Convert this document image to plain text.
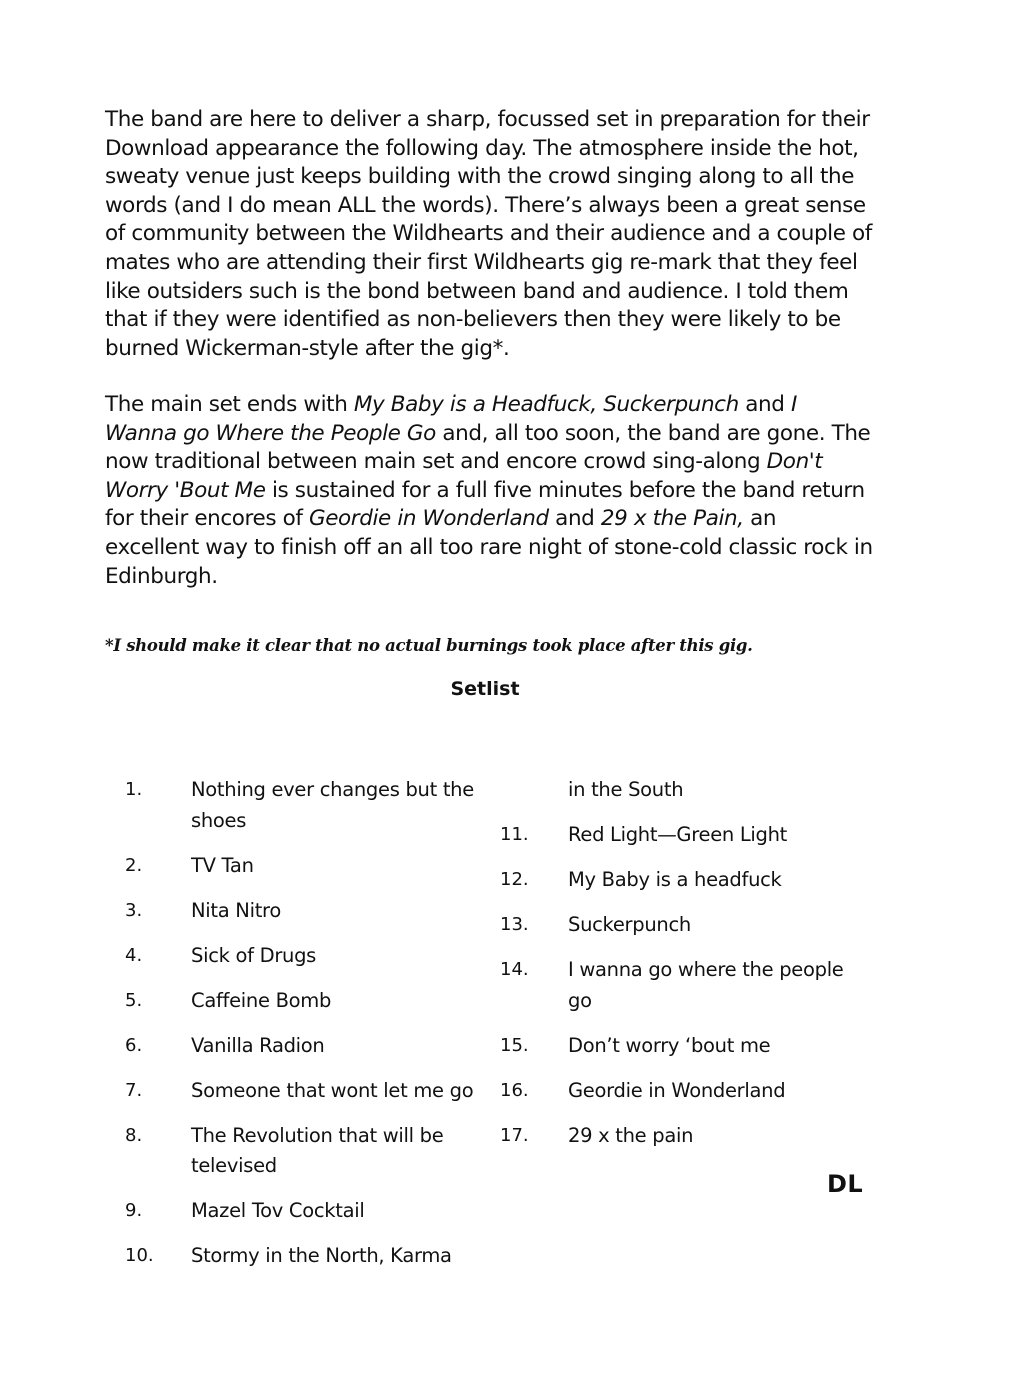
The band are here to deliver a sharp, focussed set in preparation for their Download appearance the following day. The atmosphere inside the hot, sweaty venue just keeps building with the crowd singing along to all the words (and I do mean ALL the words). There’s always been a great sense of community between the Wildhearts and their audience and a couple of mates who are attending their first Wildhearts gig re-mark that they feel like outsiders such is the bond between band and audience. I told them that if they were identified as non-believers then they were likely to be burned Wickerman-style after the gig*.

The main set ends with My Baby is a Headfuck, Suckerpunch and I Wanna go Where the People Go and, all too soon, the band are gone. The now traditional between main set and encore crowd sing-along Don't Worry 'Bout Me is sustained for a full five minutes before the band return for their encores of Geordie in Wonderland and 29 x the Pain, an excellent way to finish off an all too rare night of stone-cold classic rock in Edinburgh.

*I should make it clear that no actual burnings took place after this gig.

Setlist
1.	Nothing ever changes but the
shoes
2.	TV Tan
3.	Nita Nitro
4.	Sick of Drugs
5.	Caffeine Bomb
6.	Vanilla Radion
7.	Someone that wont let me go
8.	The Revolution that will be
televised
9.	Mazel Tov Cocktail
10. Stormy in the North, Karma
in the South
11. Red Light—Green Light
12. My Baby is a headfuck
13. Suckerpunch
14. I wanna go where the people
go
15. Don’t worry ‘bout me
16. Geordie in Wonderland
17. 29 x the pain
DL
